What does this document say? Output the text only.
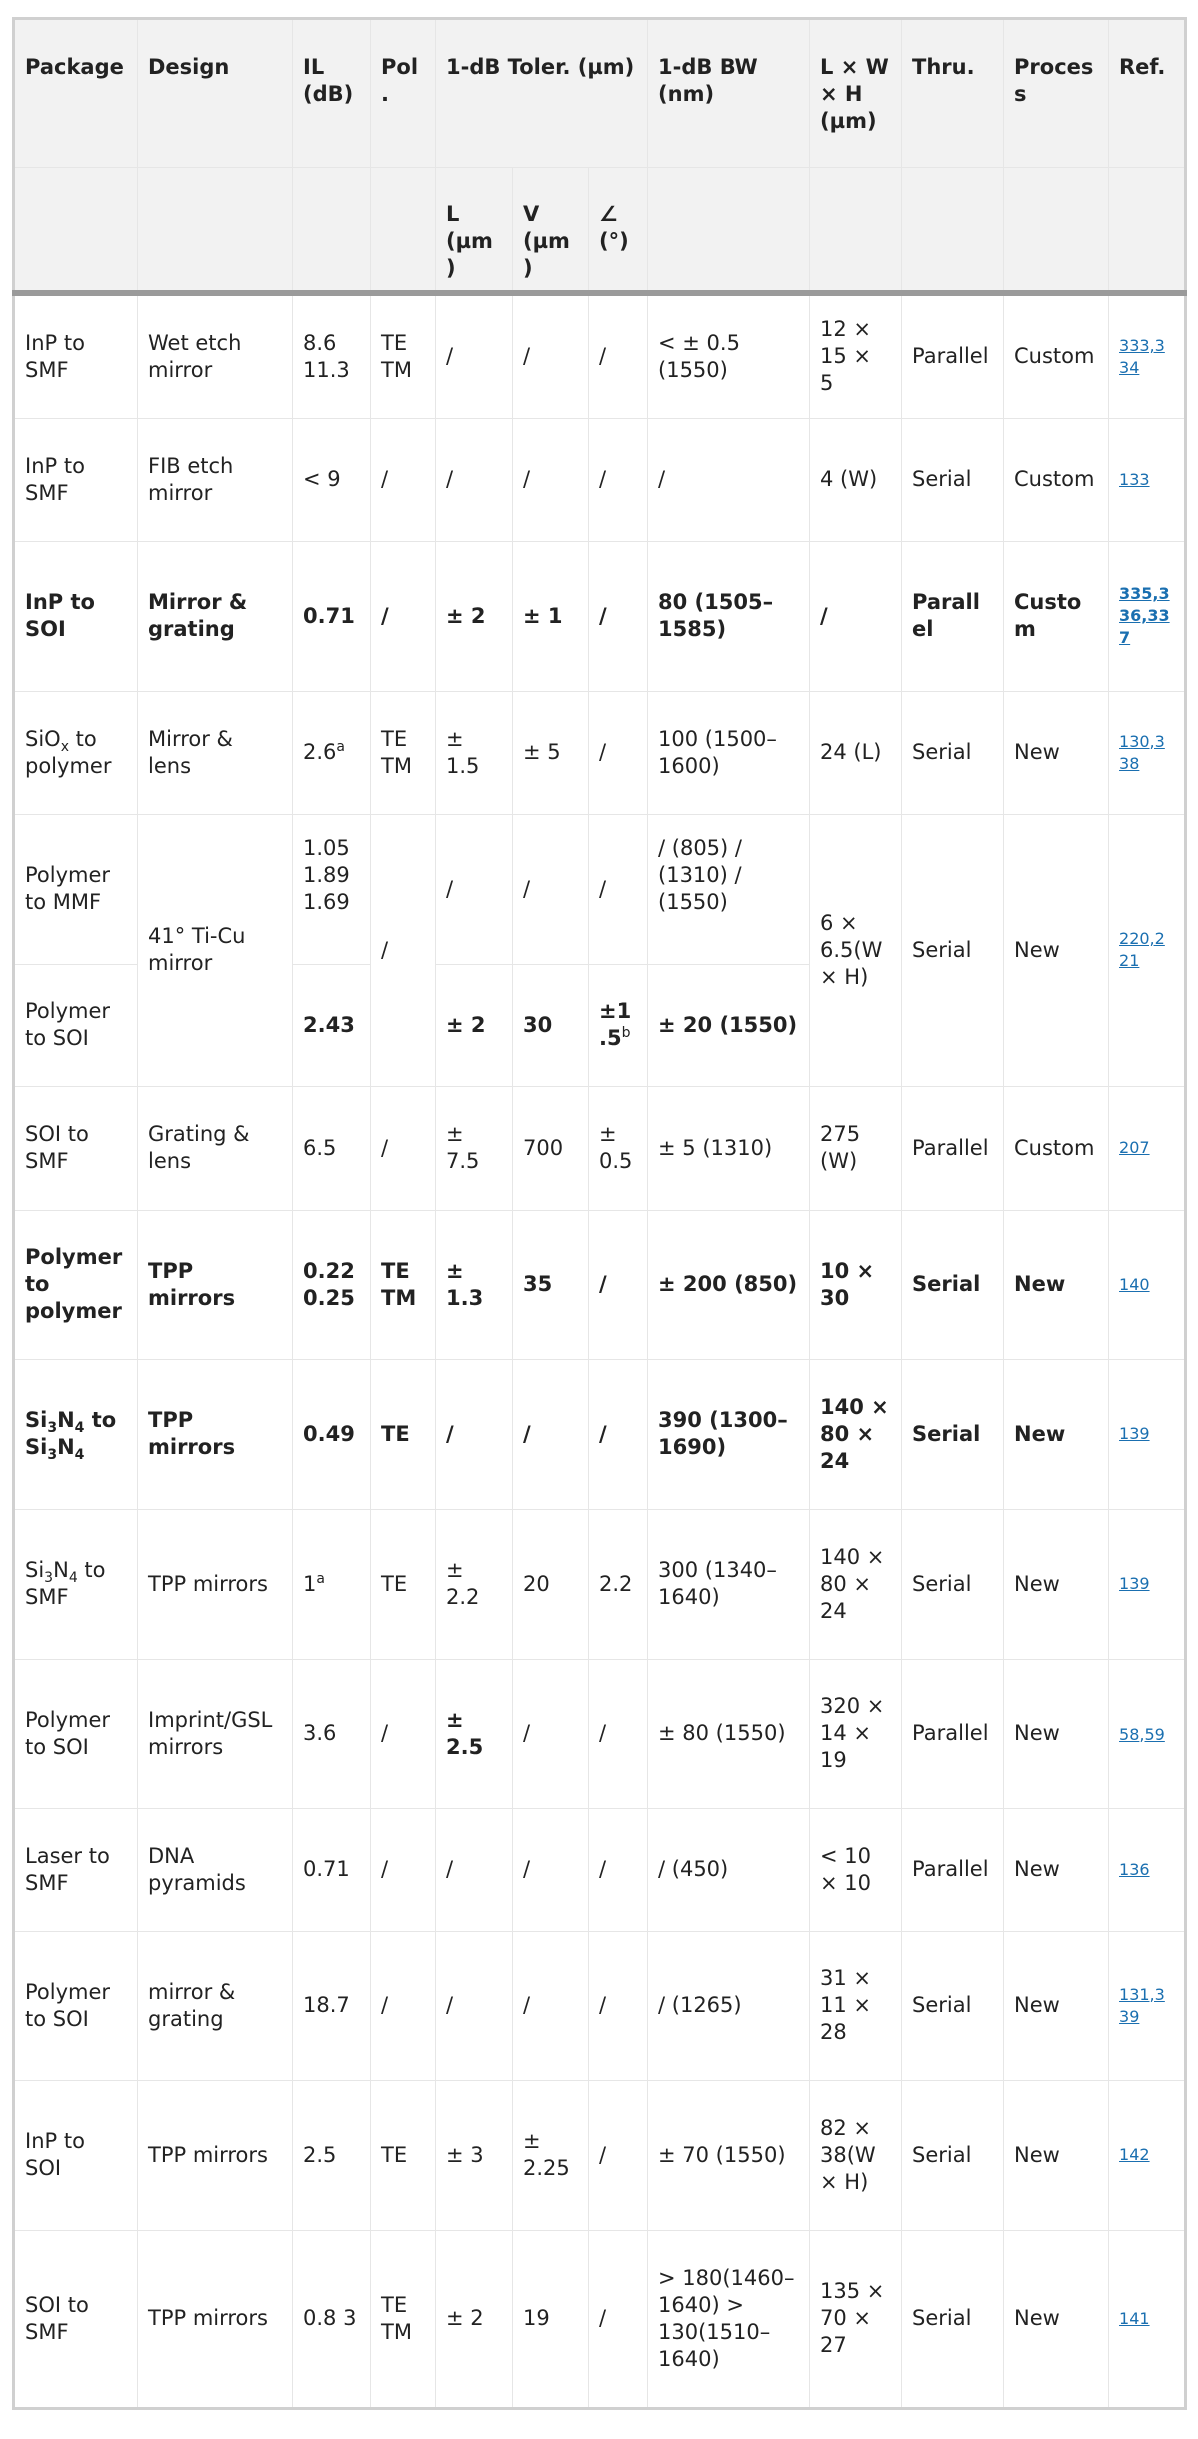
Package	Design	IL (dB)	Pol.	1-dB Toler. (µm)			1-dB BW (nm)	L × W × H (µm)	Thru.	Process	Ref.
				L (µm)	V (µm)	∠ (°)					
InP to SMF	Wet etch mirror	8.6 11.3	TE TM	/	/	/	< ± 0.5 (1550)	12 × 15 × 5	Parallel	Custom	333,334

InP to SMF	FIB etch mirror	< 9	/	/	/	/	/	4 (W)	Serial	Custom	133

InP to SOI	Mirror & grating	0.71	/	± 2	± 1	/	80 (1505–1585)	/	Parallel	Custom	335,336,337

SiO$_x$ to polymer	Mirror & lens	2.6$^a$	TE TM	± 1.5	± 5	/	100 (1500–1600)	24 (L)	Serial	New	130,338

Polymer to MMF	41° Ti-Cu mirror	1.05 1.89 1.69	/	/	/	/	/ (805) / (1310) / (1550)	6 × 6.5(W × H)	Serial	New	220,221

Polymer to SOI		2.43		± 2	30	±1.5$^b$	± 20 (1550)				
SOI to SMF	Grating & lens	6.5	/	± 7.5	700	± 0.5	± 5 (1310)	275 (W)	Parallel	Custom	207

Polymer to polymer	TPP mirrors	0.22 0.25	TE TM	± 1.3	35	/	± 200 (850)	10 × 30	Serial	New	140

$Si_3N_4$ to $Si_3N_4$	TPP mirrors	0.49	TE	/	/	/	390 (1300–1690)	140 × 80 × 24	Serial	New	139

$Si_3N_4$ to SMF	TPP mirrors	1$^a$	TE	± 2.2	20	2.2	300 (1340–1640)	140 × 80 × 24	Serial	New	139

Polymer to SOI	Imprint/GSL mirrors	3.6	/	± 2.5	/	/	± 80 (1550)	320 × 14 × 19	Parallel	New	58,59
Laser to SMF	DNA pyramids	0.71	/	/	/	/	/ (450)	< 10 × 10	Parallel	New	136

Polymer to SOI	mirror & grating	18.7	/	/	/	/	/ (1265)	31 × 11 × 28	Serial	New	131,339

InP to SOI	TPP mirrors	2.5	TE	± 3	± 2.25	/	± 70 (1550)	82 × 38(W × H)	Serial	New	142

SOI to SMF	TPP mirrors	0.8 3	TE TM	± 2	19	/	> 180(1460–1640) > 130(1510–1640)	135 × 70 × 27	Serial	New	141
